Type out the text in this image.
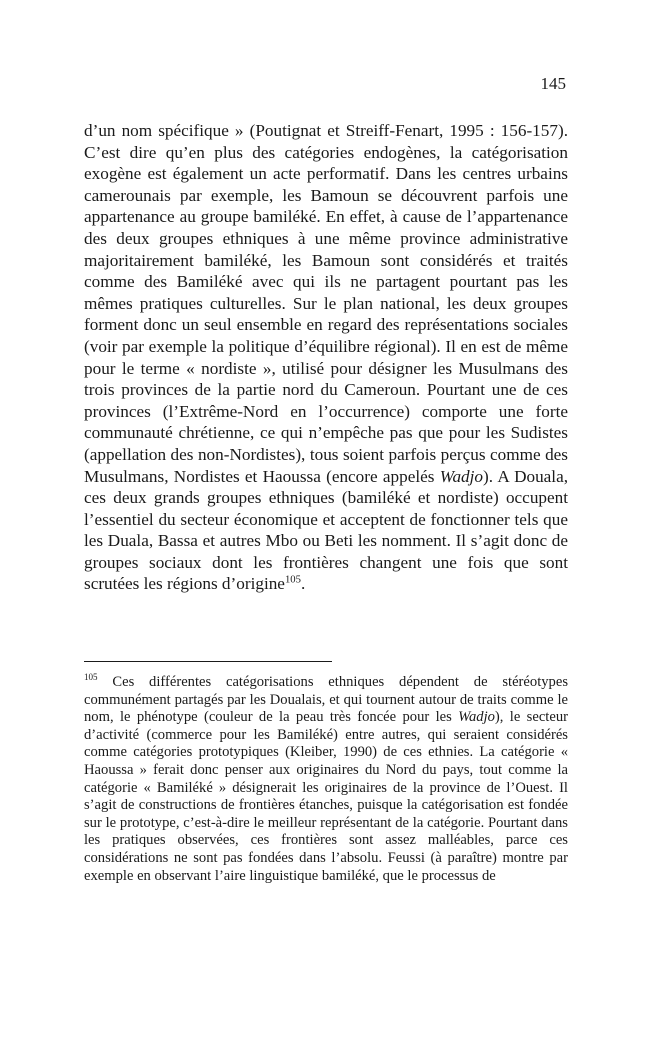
145

d’un nom spécifique » (Poutignat et Streiff-Fenart, 1995 : 156-157). C’est dire qu’en plus des catégories endogènes, la catégorisation exogène est également un acte performatif. Dans les centres urbains camerounais par exemple, les Bamoun se découvrent parfois une appartenance au groupe bamiléké. En effet, à cause de l’appartenance des deux groupes ethniques à une même province administrative majoritairement bamiléké, les Bamoun sont considérés et traités comme des Bamiléké avec qui ils ne partagent pourtant pas les mêmes pratiques culturelles. Sur le plan national, les deux groupes forment donc un seul ensemble en regard des représentations sociales (voir par exemple la politique d’équilibre régional). Il en est de même pour le terme « nordiste », utilisé pour désigner les Musulmans des trois provinces de la partie nord du Cameroun. Pourtant une de ces provinces (l’Extrême-Nord en l’occurrence) comporte une forte communauté chrétienne, ce qui n’empêche pas que pour les Sudistes (appellation des non-Nordistes), tous soient parfois perçus comme des Musulmans, Nordistes et Haoussa (encore appelés Wadjo). A Douala, ces deux grands groupes ethniques (bamiléké et nordiste) occupent l’essentiel du secteur économique et acceptent de fonctionner tels que les Duala, Bassa et autres Mbo ou Beti les nomment. Il s’agit donc de groupes sociaux dont les frontières changent une fois que sont scrutées les régions d’origine$^{105}$.

$^{105}$ Ces différentes catégorisations ethniques dépendent de stéréotypes communément partagés par les Doualais, et qui tournent autour de traits comme le nom, le phénotype (couleur de la peau très foncée pour les Wadjo), le secteur d’activité (commerce pour les Bamiléké) entre autres, qui seraient considérés comme catégories prototypiques (Kleiber, 1990) de ces ethnies. La catégorie « Haoussa » ferait donc penser aux originaires du Nord du pays, tout comme la catégorie « Bamiléké » désignerait les originaires de la province de l’Ouest. Il s’agit de constructions de frontières étanches, puisque la catégorisation est fondée sur le prototype, c’est-à-dire le meilleur représentant de la catégorie. Pourtant dans les pratiques observées, ces frontières sont assez malléables, parce ces considérations ne sont pas fondées dans l’absolu. Feussi (à paraître) montre par exemple en observant l’aire linguistique bamiléké, que le processus de
